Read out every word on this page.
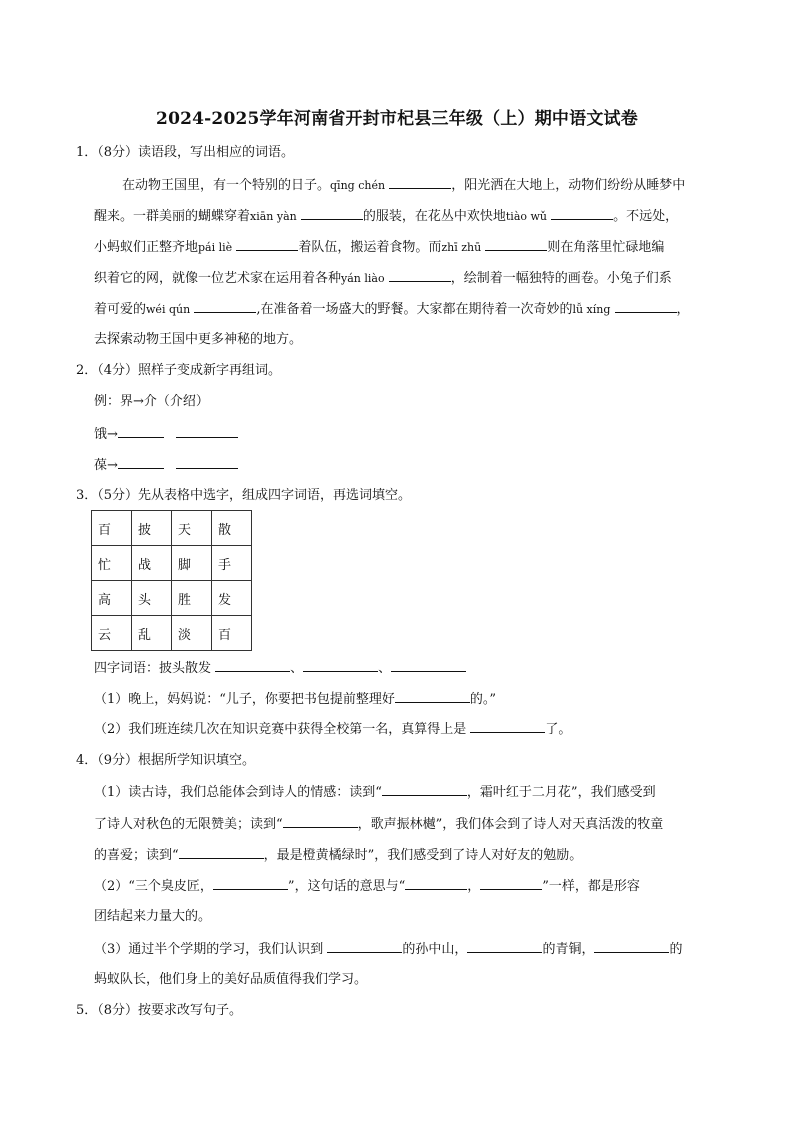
2024-2025学年河南省开封市杞县三年级（上）期中语文试卷
1．（8分）读语段，写出相应的词语。
在动物王国里，有一个特别的日子。qīng chén	，阳光洒在大地上，动物们纷纷从睡梦中
醒来。一群美丽的蝴蝶穿着xiān yàn	的服装，在花丛中欢快地tiào wǔ	。不远处，
小蚂蚁们正整齐地pái liè	着队伍，搬运着食物。而zhī zhū	则在角落里忙碌地编
织着它的网，就像一位艺术家在运用着各种yán liào	，绘制着一幅独特的画卷。小兔子们系
着可爱的wéi qún	,在准备着一场盛大的野餐。大家都在期待着一次奇妙的lǚ xíng	，
去探索动物王国中更多神秘的地方。
2．（4分）照样子变成新字再组词。
例：界→介（介绍）
饿→
葆→
3．（5分）先从表格中选字，组成四字词语，再选词填空。
百	披	天	散
忙	战	脚	手
高	头	胜	发
云	乱	淡	百
四字词语：披头散发	、	、
（1）晚上，妈妈说：“儿子，你要把书包提前整理好	的。”
（2）我们班连续几次在知识竞赛中获得全校第一名，真算得上是	了。
4．（9分）根据所学知识填空。
（1）读古诗，我们总能体会到诗人的情感：读到“	，霜叶红于二月花”，我们感受到
了诗人对秋色的无限赞美；读到“	，歌声振林樾”，我们体会到了诗人对天真活泼的牧童
的喜爱；读到“	，最是橙黄橘绿时”，我们感受到了诗人对好友的勉励。
（2）“三个臭皮匠，	”，这句话的意思与“	，	”一样，都是形容
团结起来力量大的。
（3）通过半个学期的学习，我们认识到	的孙中山，	的青铜，	的
蚂蚁队长，他们身上的美好品质值得我们学习。
5．（8分）按要求改写句子。
